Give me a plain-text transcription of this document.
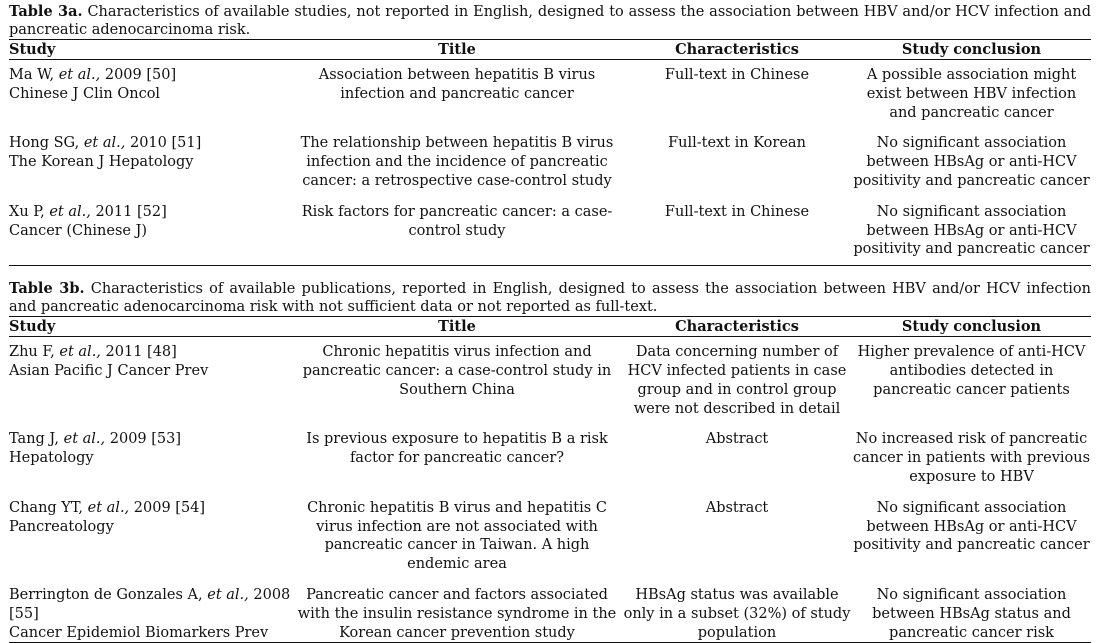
Table 3a. Characteristics of available studies, not reported in English, designed to assess the association between HBV and/or HCV infection and pancreatic adenocarcinoma risk.

Study	Title	Characteristics	Study conclusion
Ma W, et al., 2009 [50]
Chinese J Clin Oncol	Association between hepatitis B virus infection and pancreatic cancer	Full-text in Chinese	A possible association might exist between HBV infection and pancreatic cancer
Hong SG, et al., 2010 [51]
The Korean J Hepatology	The relationship between hepatitis B virus infection and the incidence of pancreatic cancer: a retrospective case-control study	Full-text in Korean	No significant association between HBsAg or anti-HCV positivity and pancreatic cancer
Xu P, et al., 2011 [52]
Cancer (Chinese J)	Risk factors for pancreatic cancer: a case-control study	Full-text in Chinese	No significant association between HBsAg or anti-HCV positivity and pancreatic cancer

Table 3b. Characteristics of available publications, reported in English, designed to assess the association between HBV and/or HCV infection and pancreatic adenocarcinoma risk with not sufficient data or not reported as full-text.

Study	Title	Characteristics	Study conclusion
Zhu F, et al., 2011 [48]
Asian Pacific J Cancer Prev	Chronic hepatitis virus infection and pancreatic cancer: a case-control study in Southern China	Data concerning number of HCV infected patients in case group and in control group were not described in detail	Higher prevalence of anti-HCV antibodies detected in pancreatic cancer patients
Tang J, et al., 2009 [53]
Hepatology	Is previous exposure to hepatitis B a risk factor for pancreatic cancer?	Abstract	No increased risk of pancreatic cancer in patients with previous exposure to HBV
Chang YT, et al., 2009 [54]
Pancreatology	Chronic hepatitis B virus and hepatitis C virus infection are not associated with pancreatic cancer in Taiwan. A high endemic area	Abstract	No significant association between HBsAg or anti-HCV positivity and pancreatic cancer
Berrington de Gonzales A, et al., 2008 [55]
Cancer Epidemiol Biomarkers Prev	Pancreatic cancer and factors associated with the insulin resistance syndrome in the Korean cancer prevention study	HBsAg status was available only in a subset (32%) of study population	No significant association between HBsAg status and pancreatic cancer risk
